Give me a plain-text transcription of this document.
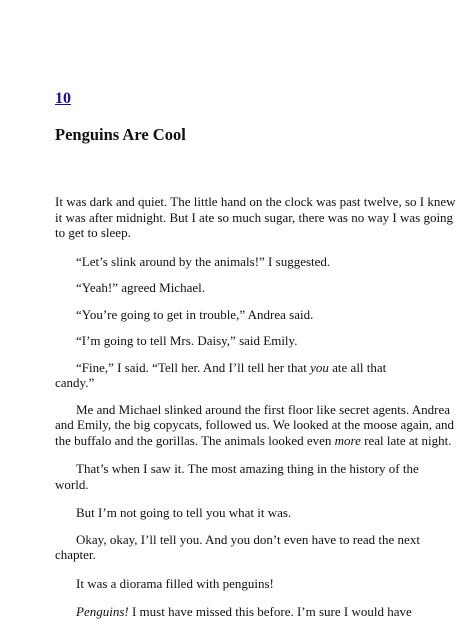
10
Penguins Are Cool

It was dark and quiet. The little hand on the clock was past twelve, so I knew
it was after midnight. But I ate so much sugar, there was no way I was going
to get to sleep.

“Let’s slink around by the animals!” I suggested.

“Yeah!” agreed Michael.

“You’re going to get in trouble,” Andrea said.

“I’m going to tell Mrs. Daisy,” said Emily.

“Fine,” I said. “Tell her. And I’ll tell her that you ate all that candy.”

Me and Michael slinked around the first floor like secret agents. Andrea
and Emily, the big copycats, followed us. We looked at the moose again, and
the buffalo and the gorillas. The animals looked even more real late at night.

That’s when I saw it. The most amazing thing in the history of the world.

But I’m not going to tell you what it was.

Okay, okay, I’ll tell you. And you don’t even have to read the next
chapter.

It was a diorama filled with penguins!

Penguins! I must have missed this before. I’m sure I would have
